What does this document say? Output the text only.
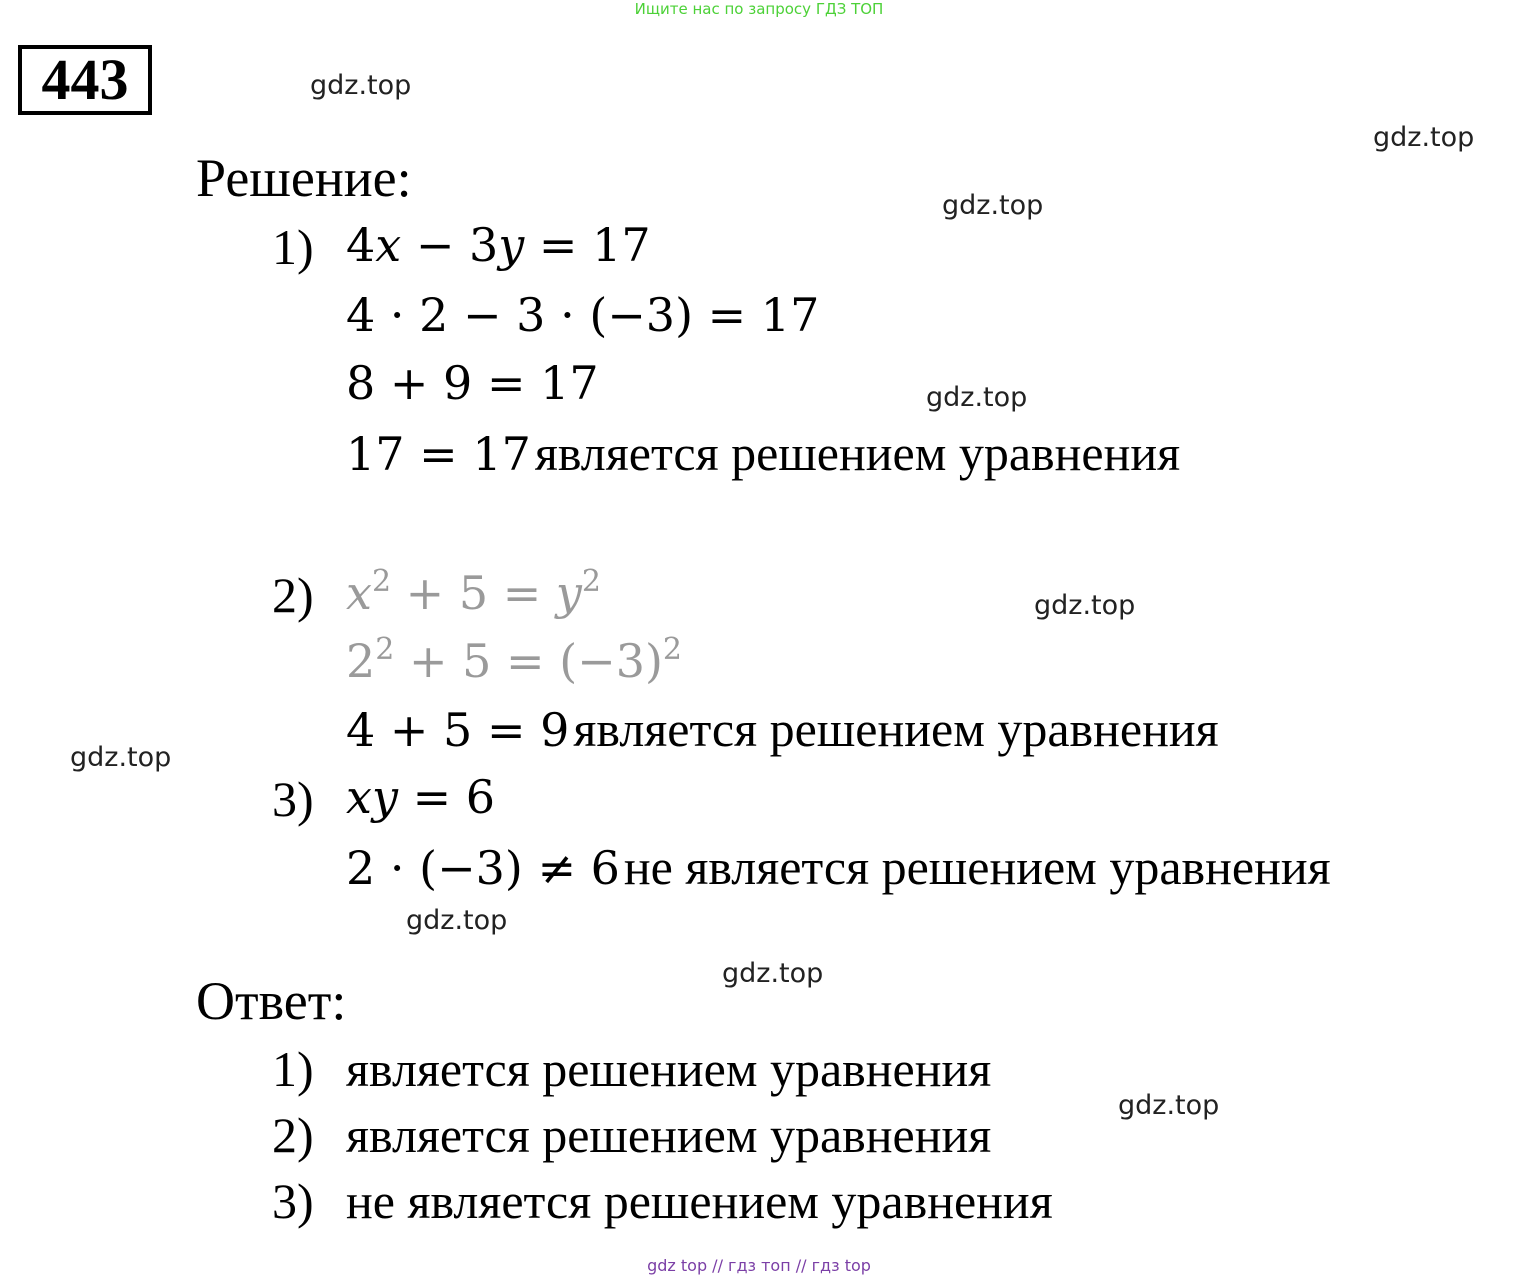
Ищите нас по запросу ГДЗ ТОП
443	gdz.top
gdz.top
gdz.top
gdz.top
gdz.top
gdz.top
gdz.top
gdz.top
gdz.top
Решение:
1) 4x − 3y = 17
4 · 2 − 3 · (−3) = 17
8 + 9 = 17
17 = 17 является решением уравнения
2) $x^2 + 5 = y^2$
$2^2 + 5 = (-3)^2$
4 + 5 = 9 является решением уравнения
3) xy = 6
2 · (−3) ≠ 6 не является решением уравнения
Ответ:
1) является решением уравнения
2) является решением уравнения
3) не является решением уравнения
gdz top // гдз топ // гдз top
